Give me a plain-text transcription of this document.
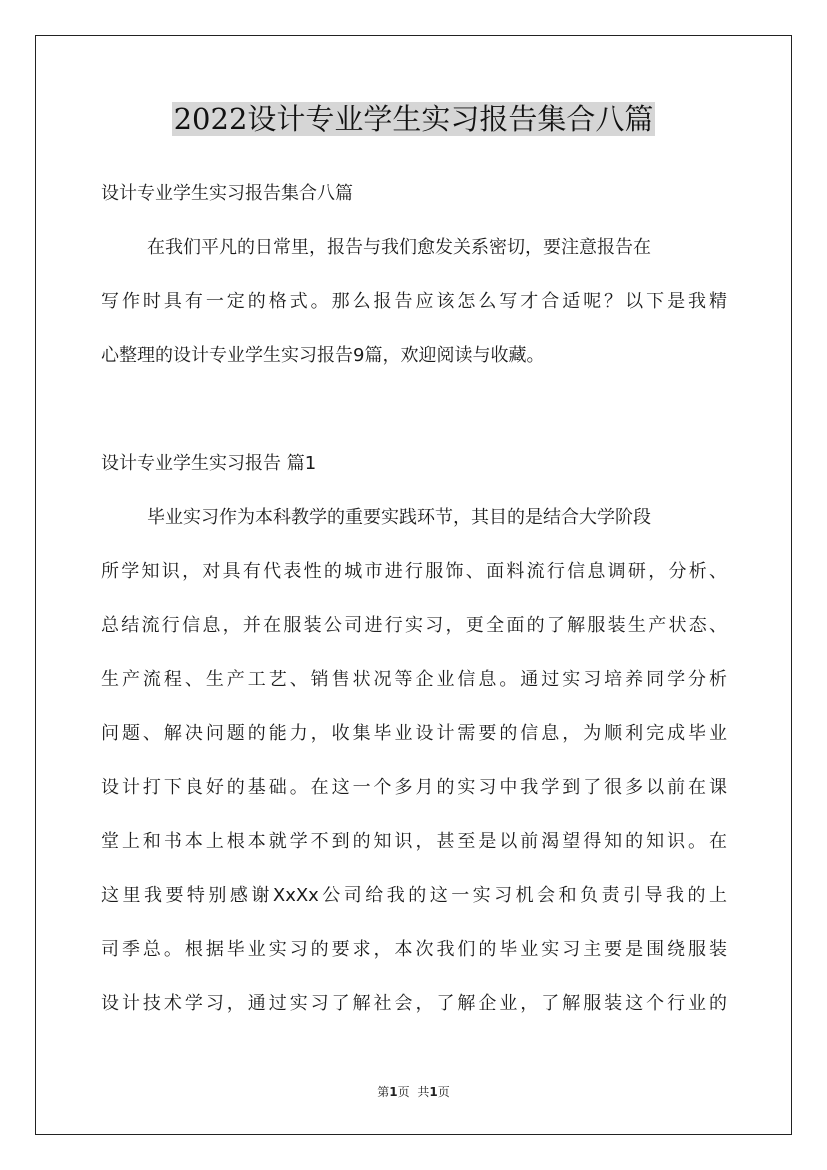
2022设计专业学生实习报告集合八篇
设计专业学生实习报告集合八篇
在我们平凡的日常里，报告与我们愈发关系密切，要注意报告在
写作时具有一定的格式。那么报告应该怎么写才合适呢？以下是我精
心整理的设计专业学生实习报告9篇，欢迎阅读与收藏。
设计专业学生实习报告 篇1
毕业实习作为本科教学的重要实践环节，其目的是结合大学阶段
所学知识，对具有代表性的城市进行服饰、面料流行信息调研，分析、
总结流行信息，并在服装公司进行实习，更全面的了解服装生产状态、
生产流程、生产工艺、销售状况等企业信息。通过实习培养同学分析
问题、解决问题的能力，收集毕业设计需要的信息，为顺利完成毕业
设计打下良好的基础。在这一个多月的实习中我学到了很多以前在课
堂上和书本上根本就学不到的知识，甚至是以前渴望得知的知识。在
这里我要特别感谢XxXx公司给我的这一实习机会和负责引导我的上
司季总。根据毕业实习的要求，本次我们的毕业实习主要是围绕服装
设计技术学习，通过实习了解社会，了解企业，了解服装这个行业的
第1页 共1页
